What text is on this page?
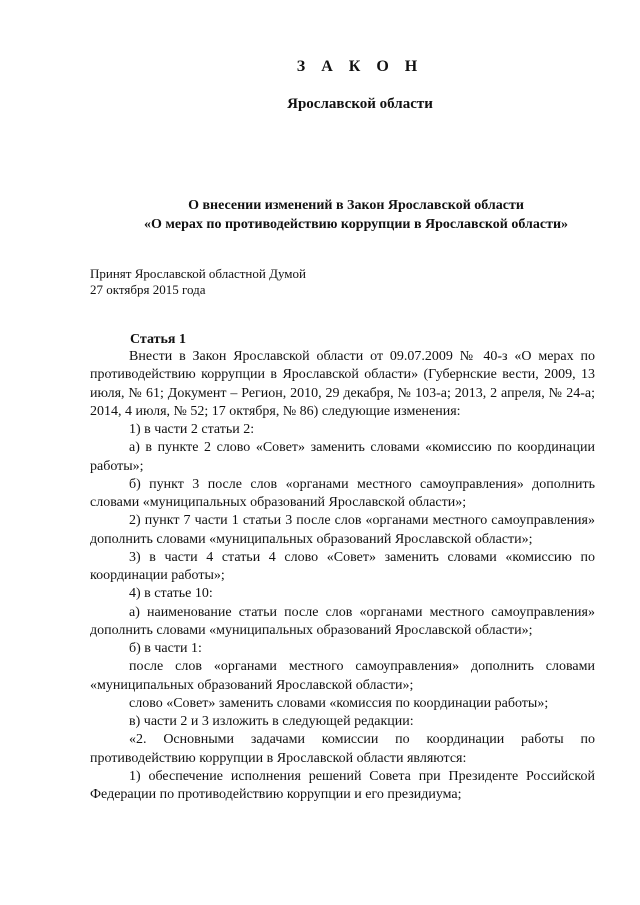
З А К О Н
Ярославской области
О внесении изменений в Закон Ярославской области
«О мерах по противодействию коррупции в Ярославской области»
Принят Ярославской областной Думой
27 октября 2015 года
Статья 1

Внести в Закон Ярославской области от 09.07.2009 № 40-з «О мерах по противодействию коррупции в Ярославской области» (Губернские вести, 2009, 13 июля, № 61; Документ – Регион, 2010, 29 декабря, № 103-а; 2013, 2 апреля, № 24-а; 2014, 4 июля, № 52; 17 октября, № 86) следующие изменения:

1) в части 2 статьи 2:

а) в пункте 2 слово «Совет» заменить словами «комиссию по координации работы»;

б) пункт 3 после слов «органами местного самоуправления» дополнить словами «муниципальных образований Ярославской области»;

2) пункт 7 части 1 статьи 3 после слов «органами местного самоуправления» дополнить словами «муниципальных образований Ярославской области»;

3) в части 4 статьи 4 слово «Совет» заменить словами «комиссию по координации работы»;

4) в статье 10:

а) наименование статьи после слов «органами местного самоуправления» дополнить словами «муниципальных образований Ярославской области»;

б) в части 1:

после слов «органами местного самоуправления» дополнить словами «муниципальных образований Ярославской области»;

слово «Совет» заменить словами «комиссия по координации работы»;

в) части 2 и 3 изложить в следующей редакции:

«2. Основными задачами комиссии по координации работы по противодействию коррупции в Ярославской области являются:

1) обеспечение исполнения решений Совета при Президенте Российской Федерации по противодействию коррупции и его президиума;
